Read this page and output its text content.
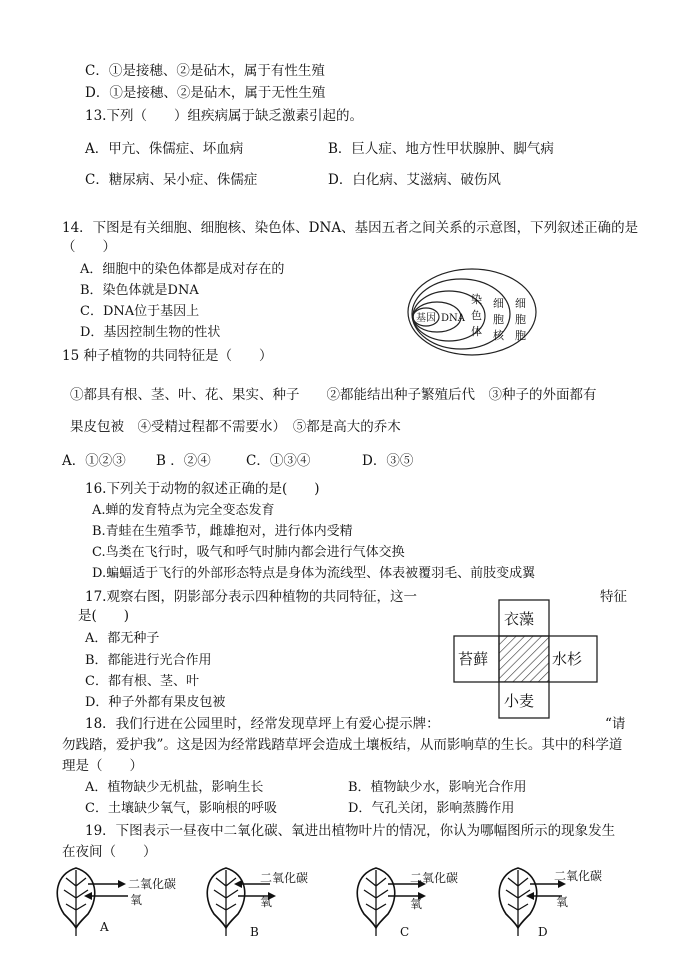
C．①是接穗、②是砧木，属于有性生殖
D．①是接穗、②是砧木，属于无性生殖
13.下列（　　）组疾病属于缺乏激素引起的。
A．甲亢、侏儒症、坏血病	B．巨人症、地方性甲状腺肿、脚气病
C．糖尿病、呆小症、侏儒症	D．白化病、艾滋病、破伤风
14．下图是有关细胞、细胞核、染色体、DNA、基因五者之间关系的示意图，下列叙述正确的是
（　　）
A．细胞中的染色体都是成对存在的
B．染色体就是DNA
C．DNA位于基因上
D．基因控制生物的性状
基因 DNA
染
色
体
细
胞
核
细
胞
胞
15 种子植物的共同特征是（　　）
①都具有根、茎、叶、花、果实、种子　　②都能结出种子繁殖后代　③种子的外面都有
果皮包被　④受精过程都不需要水）　⑤都是高大的乔木
A．①②③ B ．②④	C．①③④	D．③⑤
16.下列关于动物的叙述正确的是(　　)
A.蝉的发育特点为完全变态发育
B.青蛙在生殖季节，雌雄抱对，进行体内受精
C.鸟类在飞行时，吸气和呼气时肺内都会进行气体交换
D.蝙蝠适于飞行的外部形态特点是身体为流线型、体表被覆羽毛、前肢变成翼
17.观察右图，阴影部分表示四种植物的共同特征，这一	特征
是(　　)
A．都无种子
B．都能进行光合作用
C．都有根、茎、叶
D．种子外都有果皮包被
衣藻
苔藓	水杉
小麦
18．我们行进在公园里时，经常发现草坪上有爱心提示牌：	“请
勿践踏，爱护我”。这是因为经常践踏草坪会造成土壤板结，从而影响草的生长。其中的科学道
理是（　　）
A．植物缺少无机盐，影响生长	B．植物缺少水，影响光合作用
C．土壤缺少氧气，影响根的呼吸	D．气孔关闭，影响蒸腾作用
19．下图表示一昼夜中二氧化碳、氧进出植物叶片的情况，你认为哪幅图所示的现象发生
在夜间（　　）
二氧化碳
氧
A
二氧化碳
氧
B
二氧化碳
氧
C
二氧化碳
氧
D
